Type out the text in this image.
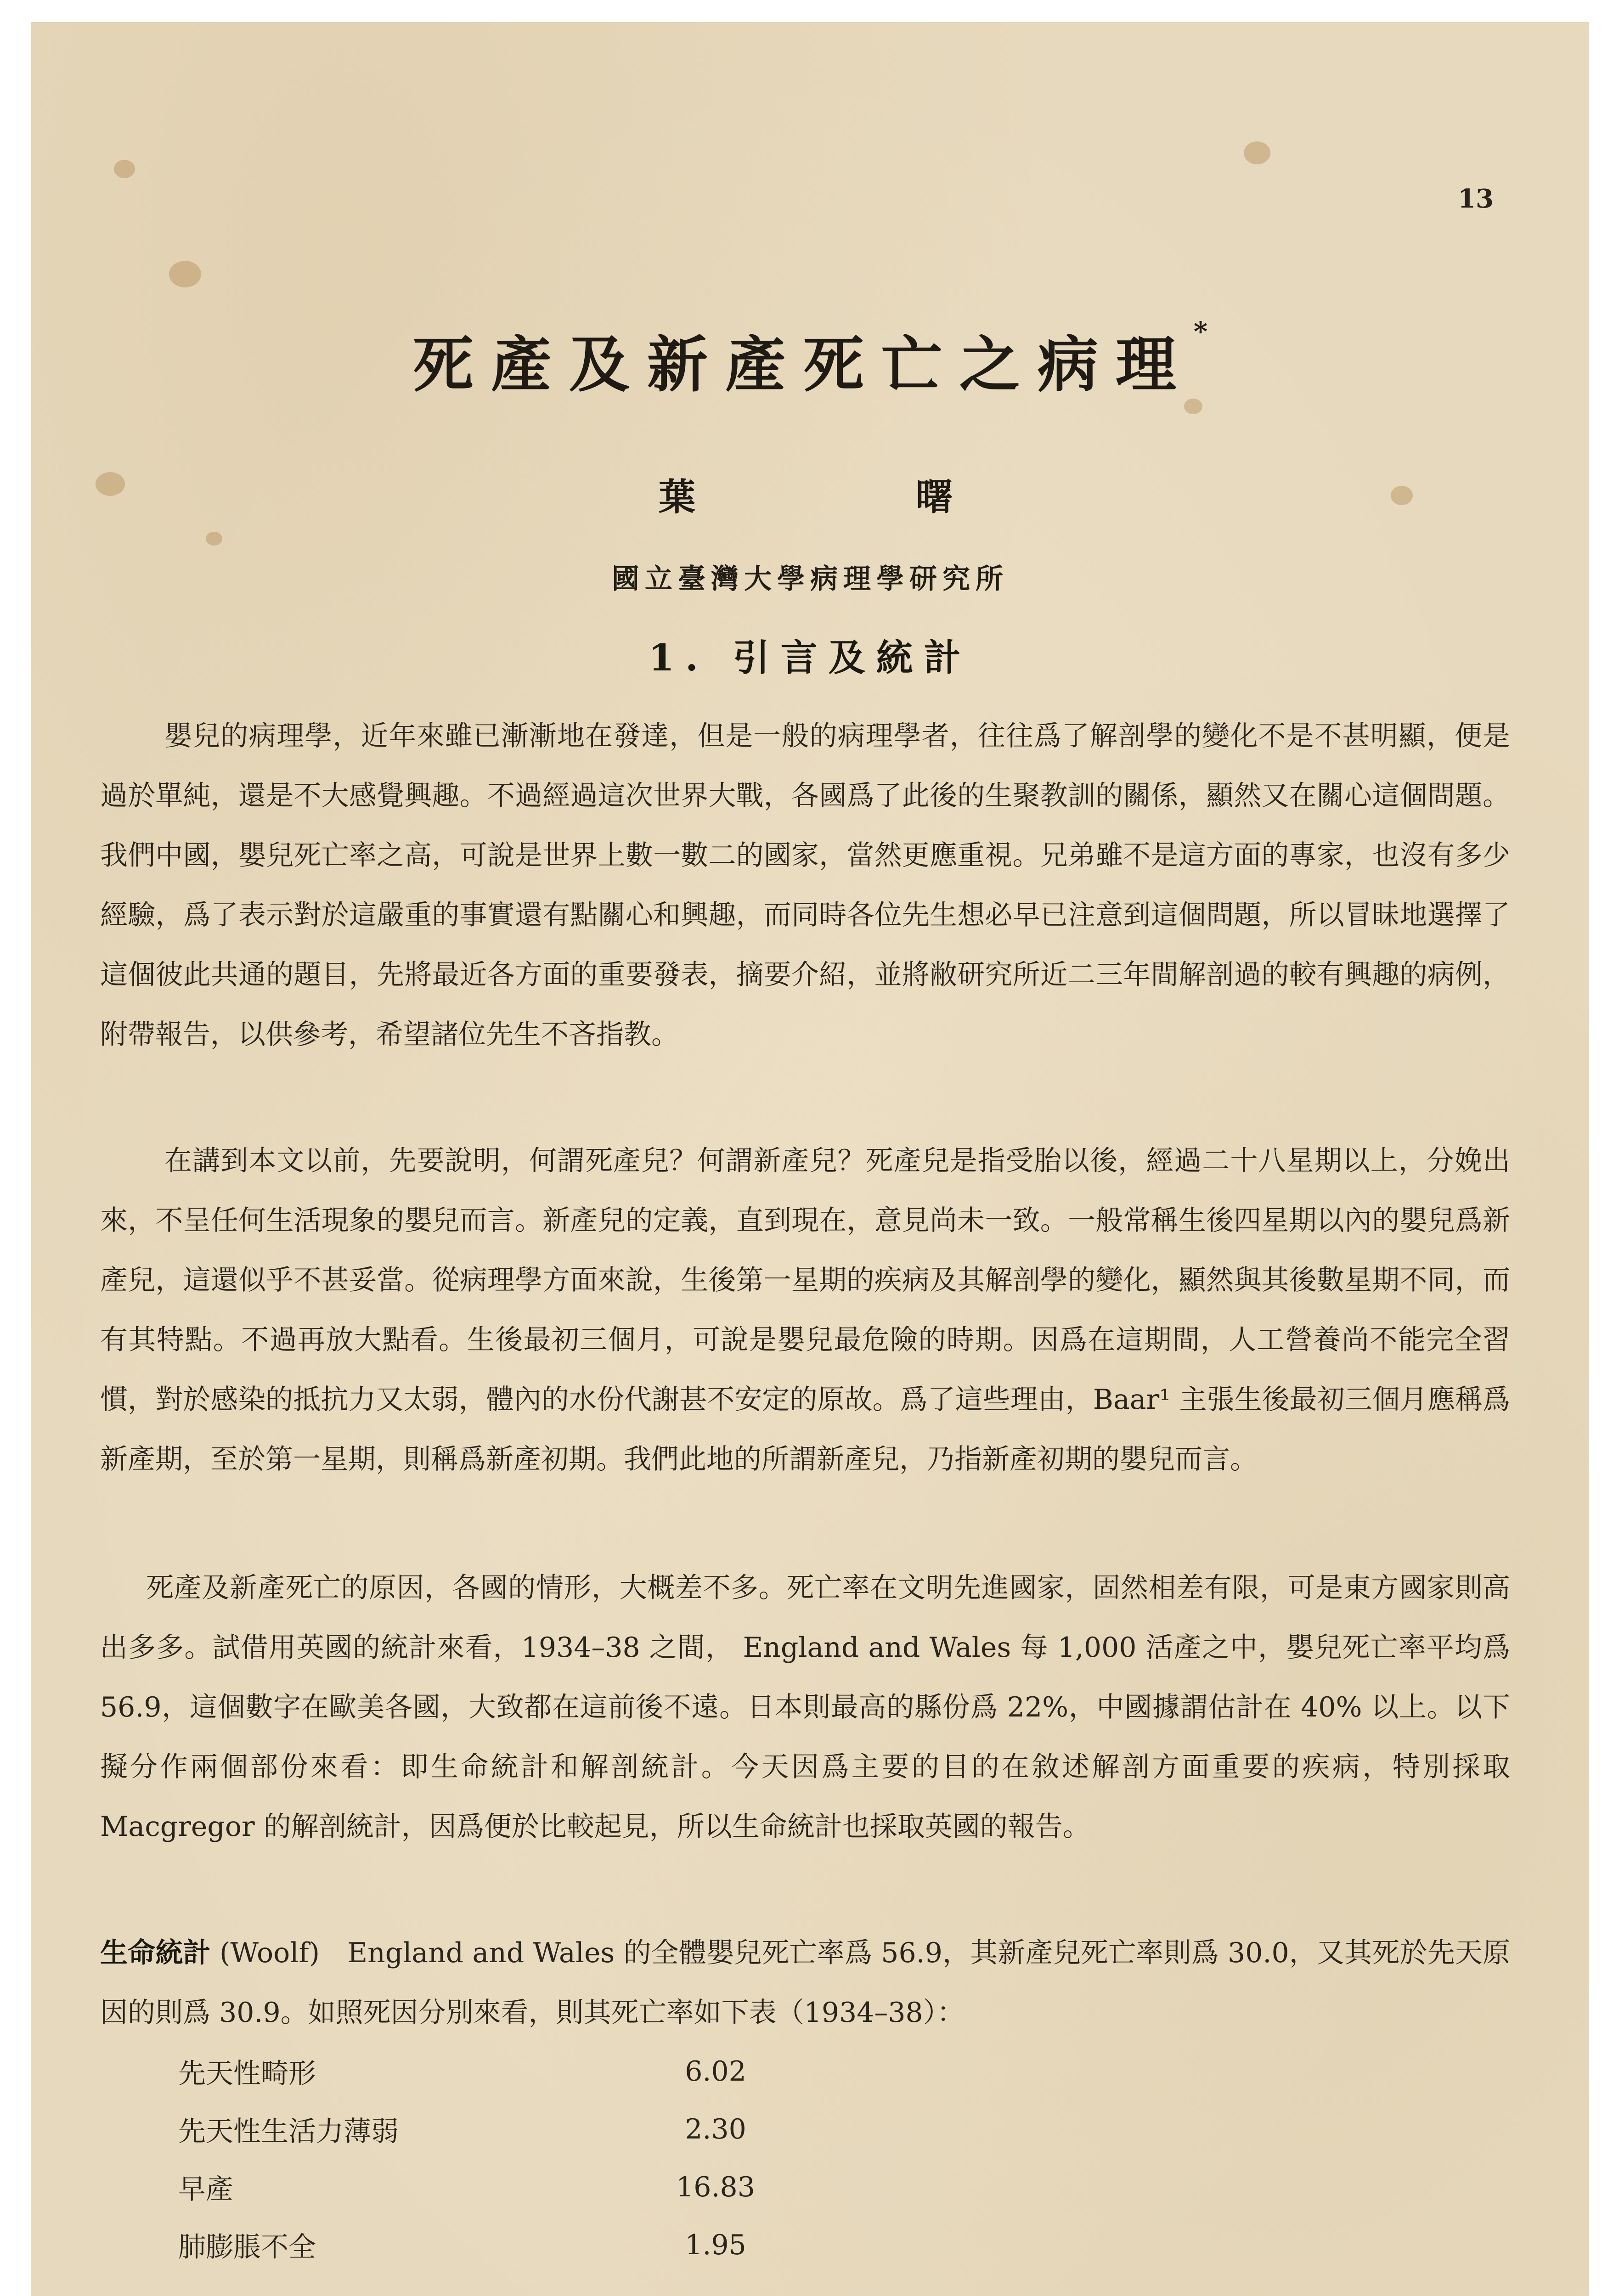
13
死產及新產死亡之病理*
葉　曙
國立臺灣大學病理學研究所
1. 引言及統計

嬰兒的病理學，近年來雖已漸漸地在發達，但是一般的病理學者，往往爲了解剖學的變化不是不甚明顯，便是過於單純，還是不大感覺興趣。不過經過這次世界大戰，各國爲了此後的生聚教訓的關係，顯然又在關心這個問題。我們中國，嬰兒死亡率之高，可說是世界上數一數二的國家，當然更應重視。兄弟雖不是這方面的專家，也沒有多少經驗，爲了表示對於這嚴重的事實還有點關心和興趣，而同時各位先生想必早已注意到這個問題，所以冒昧地選擇了這個彼此共通的題目，先將最近各方面的重要發表，摘要介紹，並將敝研究所近二三年間解剖過的較有興趣的病例，附帶報告，以供參考，希望諸位先生不吝指教。

在講到本文以前，先要說明，何謂死產兒？何謂新產兒？死產兒是指受胎以後，經過二十八星期以上，分娩出來，不呈任何生活現象的嬰兒而言。新產兒的定義，直到現在，意見尚未一致。一般常稱生後四星期以內的嬰兒爲新產兒，這還似乎不甚妥當。從病理學方面來說，生後第一星期的疾病及其解剖學的變化，顯然與其後數星期不同，而有其特點。不過再放大點看。生後最初三個月，可說是嬰兒最危險的時期。因爲在這期間，人工營養尚不能完全習慣，對於感染的抵抗力又太弱，體內的水份代謝甚不安定的原故。爲了這些理由，Baar¹ 主張生後最初三個月應稱爲新產期，至於第一星期，則稱爲新產初期。我們此地的所謂新產兒，乃指新產初期的嬰兒而言。

死產及新產死亡的原因，各國的情形，大概差不多。死亡率在文明先進國家，固然相差有限，可是東方國家則高出多多。試借用英國的統計來看，1934–38 之間， England and Wales 每 1,000 活產之中，嬰兒死亡率平均爲 56.9，這個數字在歐美各國，大致都在這前後不遠。日本則最高的縣份爲 22%，中國據謂估計在 40% 以上。以下擬分作兩個部份來看：即生命統計和解剖統計。今天因爲主要的目的在敘述解剖方面重要的疾病，特別採取 Macgregor 的解剖統計，因爲便於比較起見，所以生命統計也採取英國的報告。

生命統計 (Woolf)　England and Wales 的全體嬰兒死亡率爲 56.9，其新產兒死亡率則爲 30.0，又其死於先天原因的則爲 30.9。如照死因分別來看，則其死亡率如下表（1934–38）：

先天性畸形	6.02
先天性生活力薄弱	2.30
早產	16.83
肺膨脹不全	1.95
